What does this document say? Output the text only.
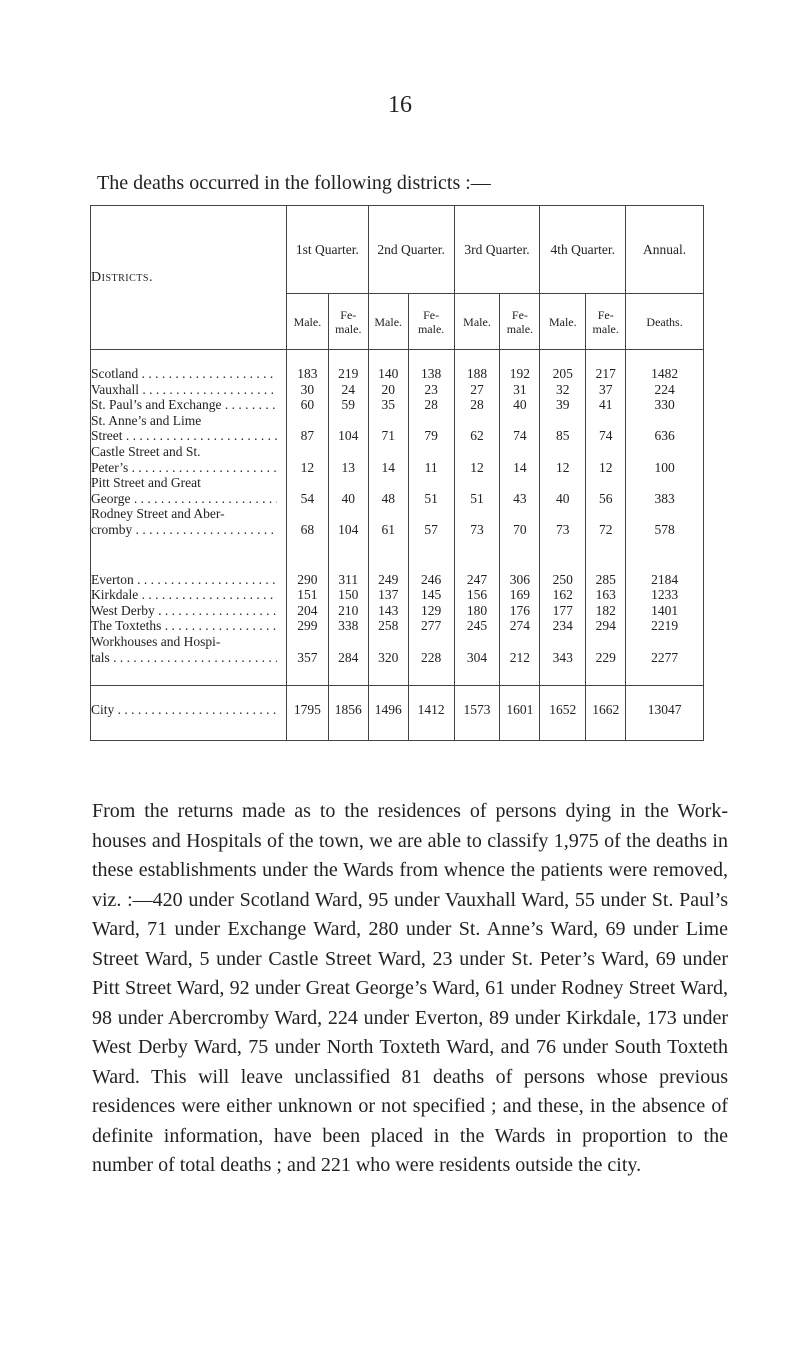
16
The deaths occurred in the following districts :—
Districts.	1st Quarter.		2nd Quarter.		3rd Quarter.		4th Quarter.		Annual.
	Male.	Fe- male.	Male.	Fe- male.	Male.	Fe- male.	Male.	Fe- male.	Deaths.

Scotland . . .	183	219	140	138	188	192	205	217	1482

Vauxhall . . .	30	24	20	23	27	31	32	37	224

St. Paul’s and Exchange . . .	60	59	35	28	28	40	39	41	330

St. Anne’s and Lime
Street . . .	87	104	71	79	62	74	85	74	636

Castle Street and St.
Peter’s . . .	12	13	14	11	12	14	12	12	100

Pitt Street and Great
George . . .	54	40	48	51	51	43	40	56	383

Rodney Street and Aber-
cromby . . .	68	104	61	57	73	70	73	72	578

Everton . . .	290	311	249	246	247	306	250	285	2184

Kirkdale . . .	151	150	137	145	156	169	162	163	1233

West Derby . . .	204	210	143	129	180	176	177	182	1401

The Toxteths . . .	299	338	258	277	245	274	234	294	2219

Workhouses and Hospi-
tals . . .	357	284	320	228	304	212	343	229	2277

City . . .	1795	1856	1496	1412	1573	1601	1652	1662	13047
From the returns made as to the residences of persons dying in the Work-houses and Hospitals of the town, we are able to classify 1,975 of the deaths in these establishments under the Wards from whence the patients were removed, viz. :—420 under Scotland Ward, 95 under Vauxhall Ward, 55 under St. Paul’s Ward, 71 under Exchange Ward, 280 under St. Anne’s Ward, 69 under Lime Street Ward, 5 under Castle Street Ward, 23 under St. Peter’s Ward, 69 under Pitt Street Ward, 92 under Great George’s Ward, 61 under Rodney Street Ward, 98 under Abercromby Ward, 224 under Everton, 89 under Kirkdale, 173 under West Derby Ward, 75 under North Toxteth Ward, and 76 under South Toxteth Ward. This will leave unclassified 81 deaths of persons whose previous residences were either unknown or not specified ; and these, in the absence of definite information, have been placed in the Wards in proportion to the number of total deaths ; and 221 who were residents outside the city.
